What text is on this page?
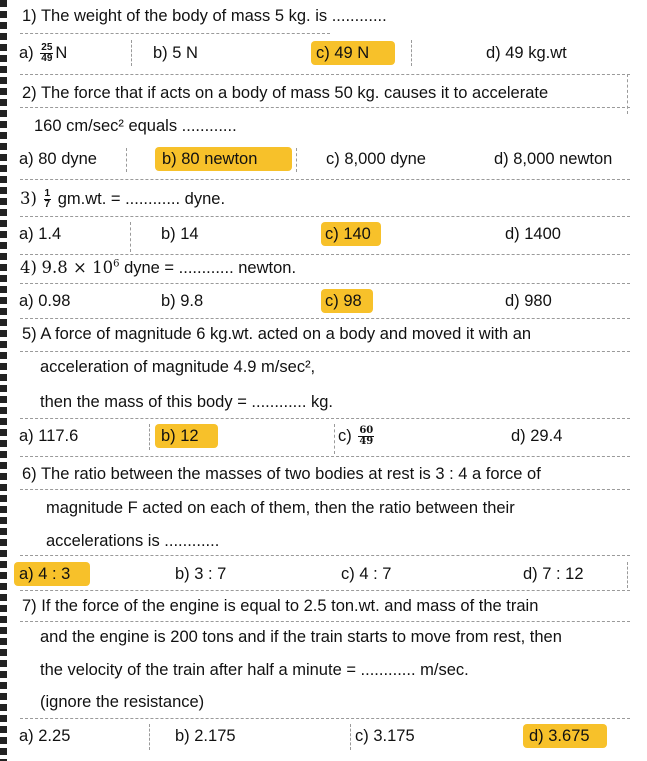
1) The weight of the body of mass 5 kg. is ............
$a) \frac{25}{49}$ N	b) 5 N	c) 49 N	d) 49 kg.wt
2) The force that if acts on a body of mass 50 kg. causes it to accelerate
160 cm/sec² equals ............
a) 80 dyne	b) 80 newton	c) 8,000 dyne	d) 8,000 newton
$3) \frac{1}{7} gm.wt$. = ............ dyne.
a) 1.4	b) 14	c) 140	d) 1400
4) $9.8 \times 10^6$ dyne = ............ newton.
a) 0.98	b) 9.8	c) 98	d) 980
5) A force of magnitude 6 kg.wt. acted on a body and moved it with an
acceleration of magnitude 4.9 m/sec²,
then the mass of this body = ............ kg.
a) 117.6	b) 12	$c) \frac{60}{49}$	d) 29.4
6) The ratio between the masses of two bodies at rest is 3 : 4 a force of
magnitude F acted on each of them, then the ratio between their
accelerations is ............
a) 4 : 3	b) 3 : 7	c) 4 : 7	d) 7 : 12
7) If the force of the engine is equal to 2.5 ton.wt. and mass of the train
and the engine is 200 tons and if the train starts to move from rest, then
the velocity of the train after half a minute = ............ m/sec.
(ignore the resistance)
a) 2.25	b) 2.175	c) 3.175	d) 3.675
